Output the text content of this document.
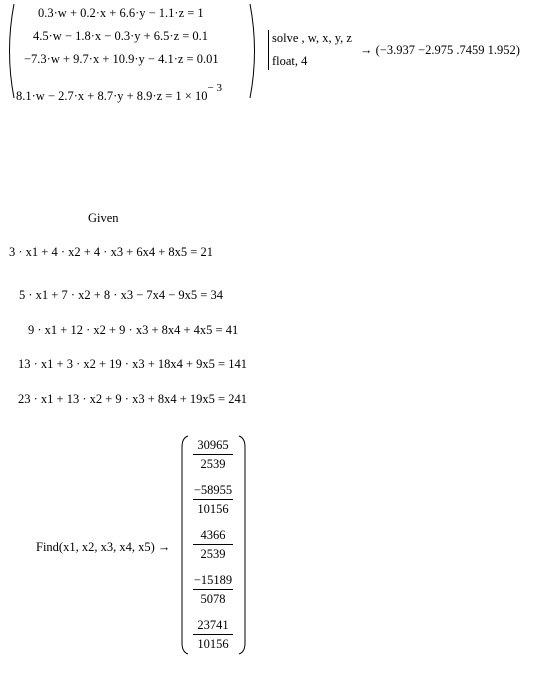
0.3·w + 0.2·x + 6.6·y − 1.1·z = 1
4.5·w − 1.8·x − 0.3·y + 6.5·z = 0.1
−7.3·w + 9.7·x + 10.9·y − 4.1·z = 0.01
$8.1\cdot w - 2.7\cdot x + 8.7\cdot y + 8.9\cdot z = 1 \times 10^{- 3}$
solve , w, x, y, z
float, 4
→ (−3.937 −2.975 .7459 1.952)
Given
3 · x1 + 4 · x2 + 4 · x3 + 6x4 + 8x5 = 21
5 · x1 + 7 · x2 + 8 · x3 − 7x4 − 9x5 = 34
9 · x1 + 12 · x2 + 9 · x3 + 8x4 + 4x5 = 41
13 · x1 + 3 · x2 + 19 · x3 + 18x4 + 9x5 = 141
23 · x1 + 13 · x2 + 9 · x3 + 8x4 + 19x5 = 241
Find(x1, x2, x3, x4, x5) →
30965
2539
−58955
10156
4366
2539
−15189
5078
23741
10156
